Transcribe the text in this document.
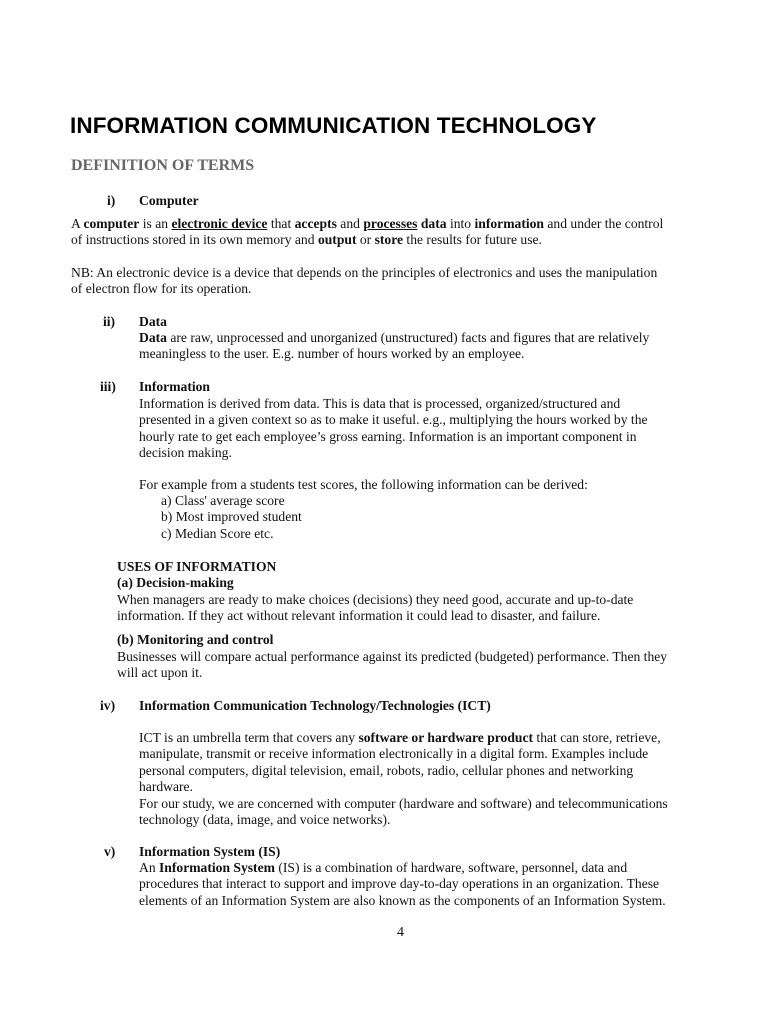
INFORMATION COMMUNICATION TECHNOLOGY
DEFINITION OF TERMS
i) Computer
A computer is an electronic device that accepts and processes data into information and under the control
of instructions stored in its own memory and output or store the results for future use.
NB: An electronic device is a device that depends on the principles of electronics and uses the manipulation
of electron flow for its operation.
ii) Data
Data are raw, unprocessed and unorganized (unstructured) facts and figures that are relatively
meaningless to the user. E.g. number of hours worked by an employee.
iii) Information
Information is derived from data. This is data that is processed, organized/structured and
presented in a given context so as to make it useful. e.g., multiplying the hours worked by the
hourly rate to get each employee’s gross earning. Information is an important component in
decision making.
For example from a students test scores, the following information can be derived:
a) Class' average score
b) Most improved student
c) Median Score etc.
USES OF INFORMATION
(a) Decision-making
When managers are ready to make choices (decisions) they need good, accurate and up-to-date
information. If they act without relevant information it could lead to disaster, and failure.
(b) Monitoring and control
Businesses will compare actual performance against its predicted (budgeted) performance. Then they
will act upon it.
iv) Information Communication Technology/Technologies (ICT)
ICT is an umbrella term that covers any software or hardware product that can store, retrieve,
manipulate, transmit or receive information electronically in a digital form. Examples include
personal computers, digital television, email, robots, radio, cellular phones and networking
hardware.
For our study, we are concerned with computer (hardware and software) and telecommunications
technology (data, image, and voice networks).
v) Information System (IS)
An Information System (IS) is a combination of hardware, software, personnel, data and
procedures that interact to support and improve day-to-day operations in an organization. These
elements of an Information System are also known as the components of an Information System.
4
